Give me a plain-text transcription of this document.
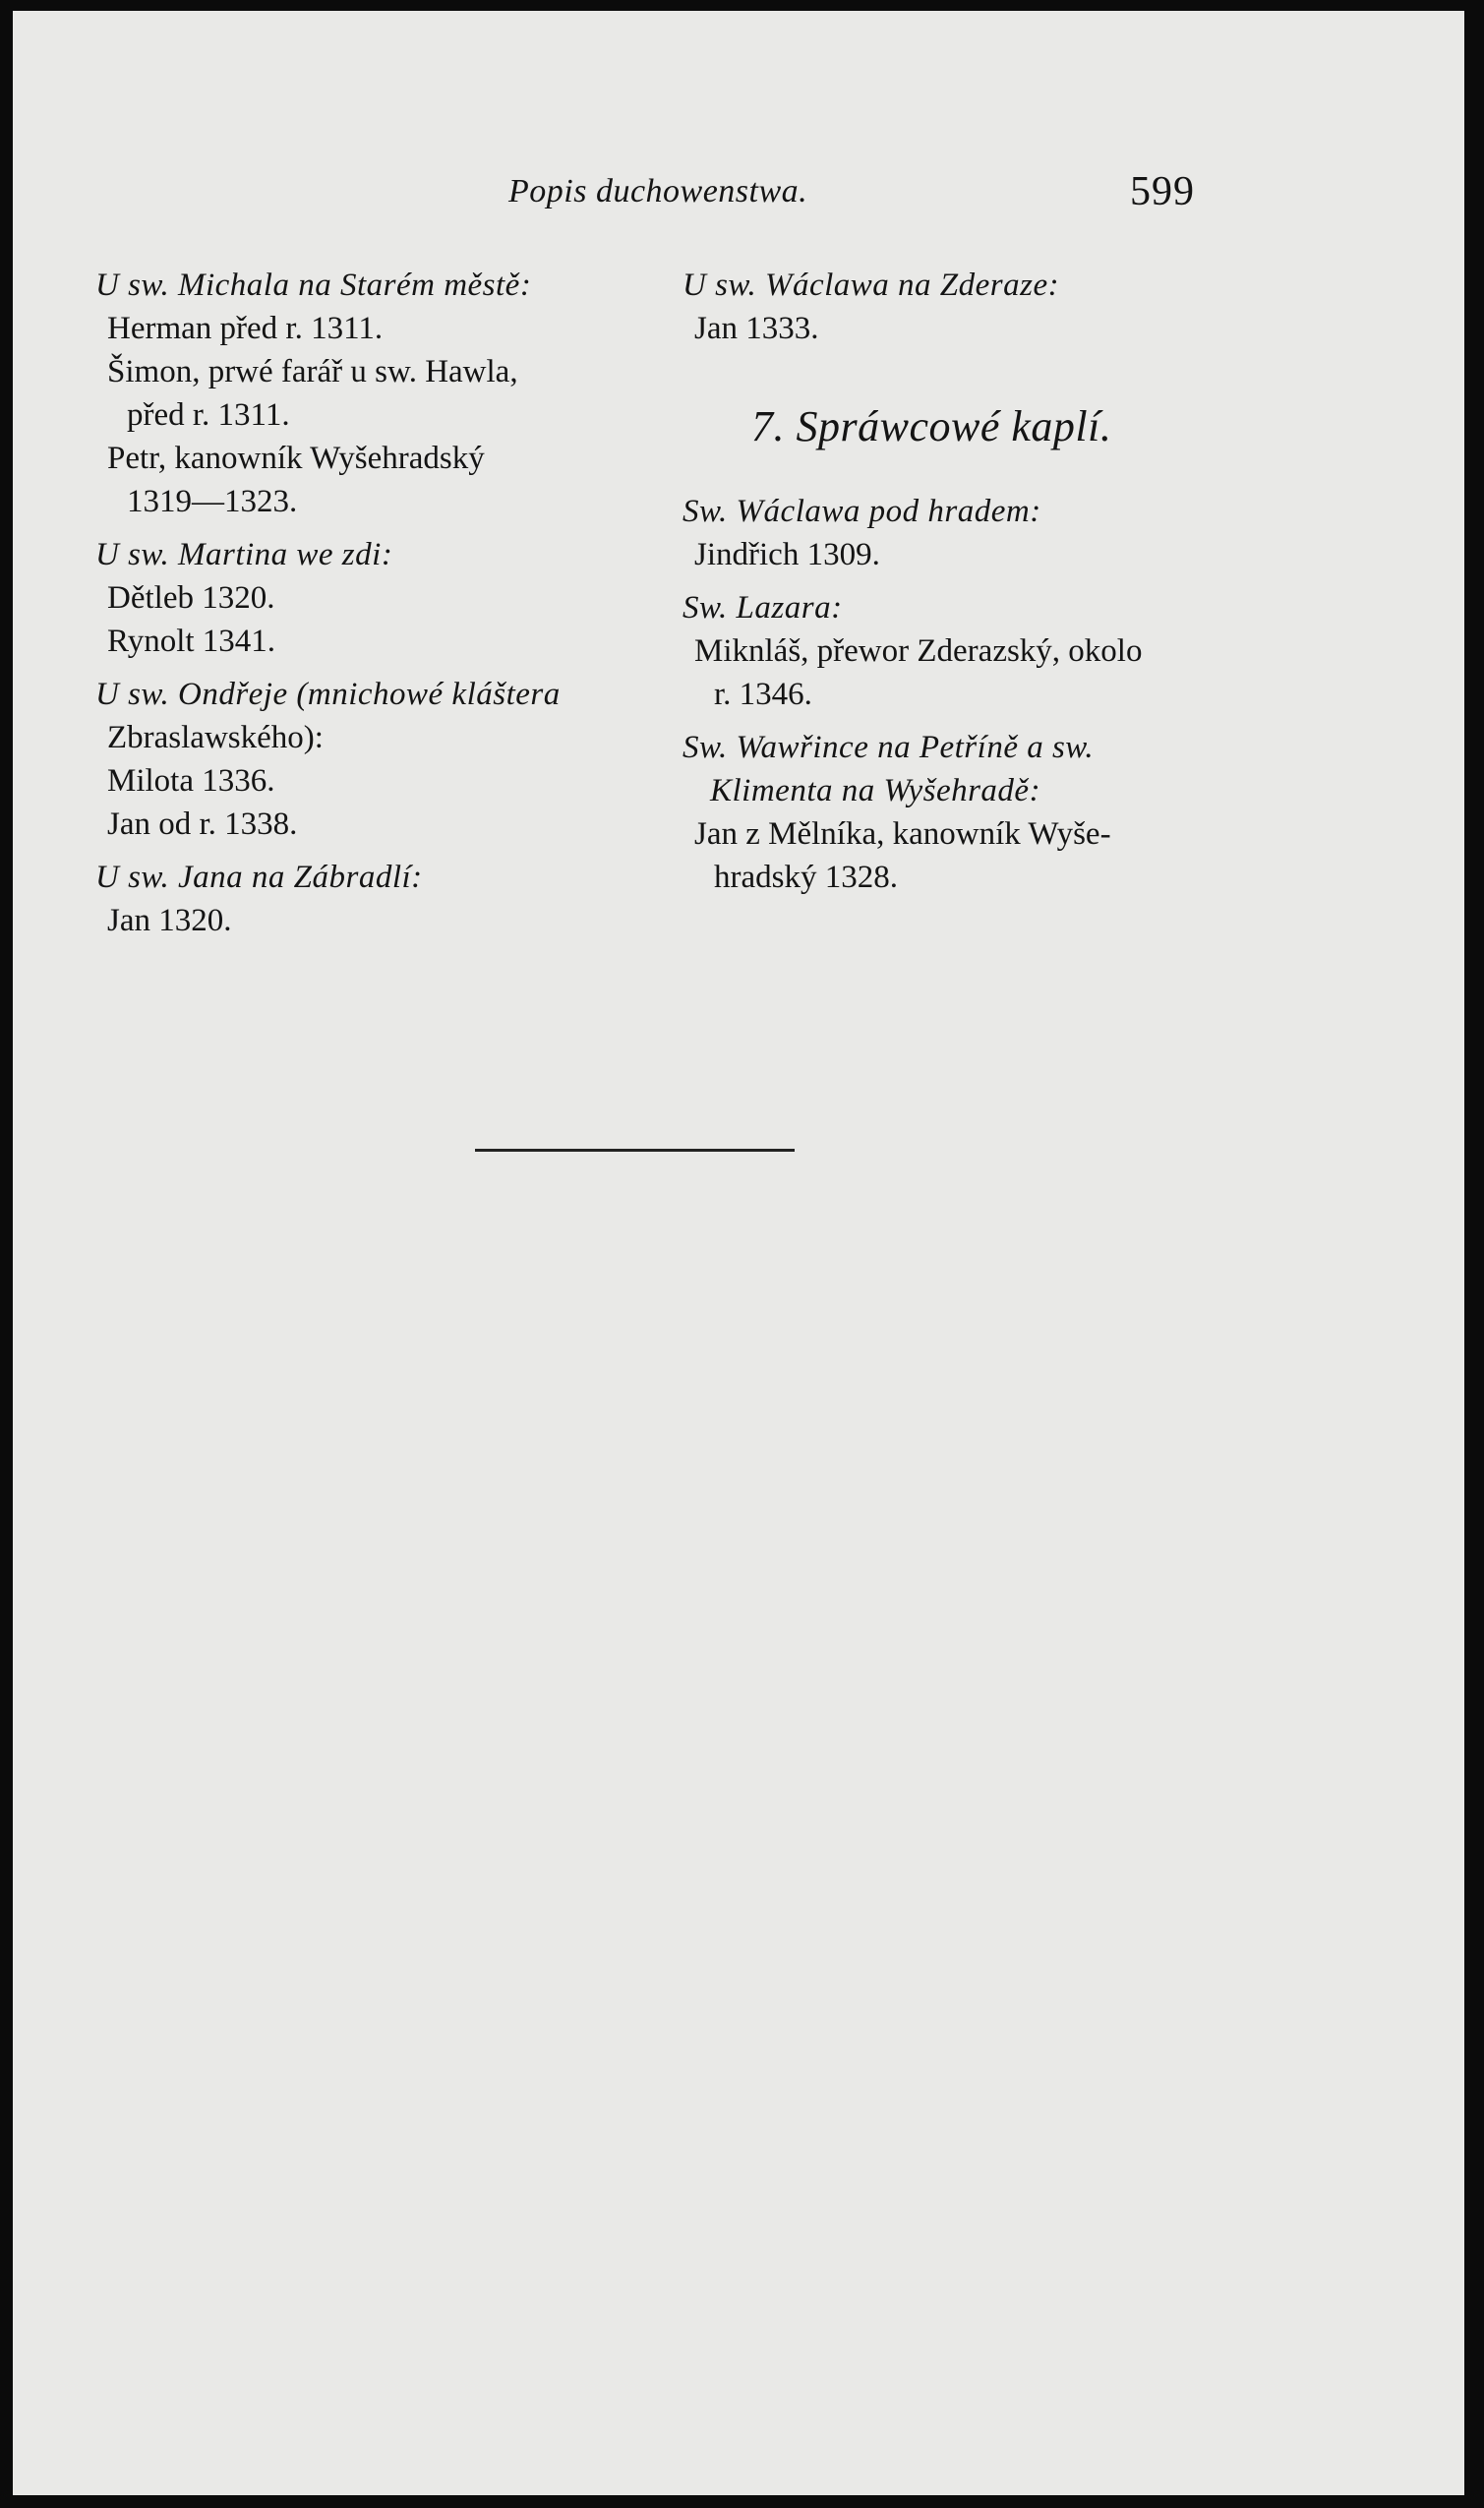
Popis duchowenstwa.	599
U sw. Michala na Starém městě:
Herman před r. 1311.
Šimon, prwé farář u sw. Hawla,
před r. 1311.
Petr, kanowník Wyšehradský
1319—1323.
U sw. Martina we zdi:
Dětleb 1320.
Rynolt 1341.
U sw. Ondřeje (mnichowé kláštera
Zbraslawského):
Milota 1336.
Jan od r. 1338.
U sw. Jana na Zábradlí:
Jan 1320.
U sw. Wáclawa na Zderaze:
Jan 1333.
7. Spráwcowé kaplí.
Sw. Wáclawa pod hradem:
Jindřich 1309.
Sw. Lazara:
Miknláš, přewor Zderazský, okolo
r. 1346.
Sw. Wawřince na Petříně a sw.
Klimenta na Wyšehradě:
Jan z Mělníka, kanowník Wyše-
hradský 1328.
